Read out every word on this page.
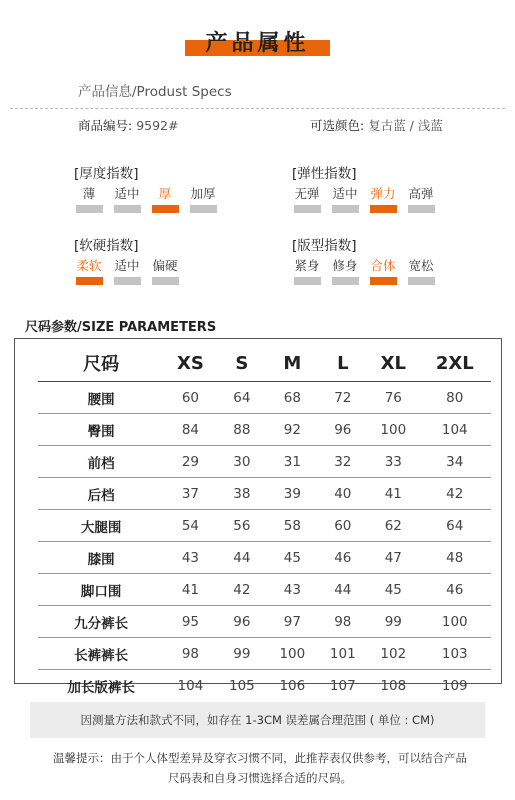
产品属性
产品信息/Produst Specs
商品编号: 9592#	可选颜色: 复古蓝 / 浅蓝
[厚度指数]
薄	适中	厚	加厚
[弹性指数]
无弹 适中 弹力 高弹
[软硬指数]
柔软 适中 偏硬
[版型指数]
紧身 修身 合体 宽松
尺码参数/SIZE PARAMETERS
尺码	XS	S	M	L	XL	2XL
腰围	60	64	68	72	76	80
臀围	84	88	92	96	100	104
前档	29	30	31	32	33	34
后档	37	38	39	40	41	42
大腿围	54	56	58	60	62	64
膝围	43	44	45	46	47	48
脚口围	41	42	43	44	45	46
九分裤长	95	96	97	98	99	100
长裤裤长	98	99	100	101	102	103
加长版裤长	104	105	106	107	108	109
因测量方法和款式不同，如存在 1-3CM 误差属合理范围 ( 单位 : CM)
温馨提示：由于个人体型差异及穿衣习惯不同，此推荐表仅供参考，可以结合产品
尺码表和自身习惯选择合适的尺码。
